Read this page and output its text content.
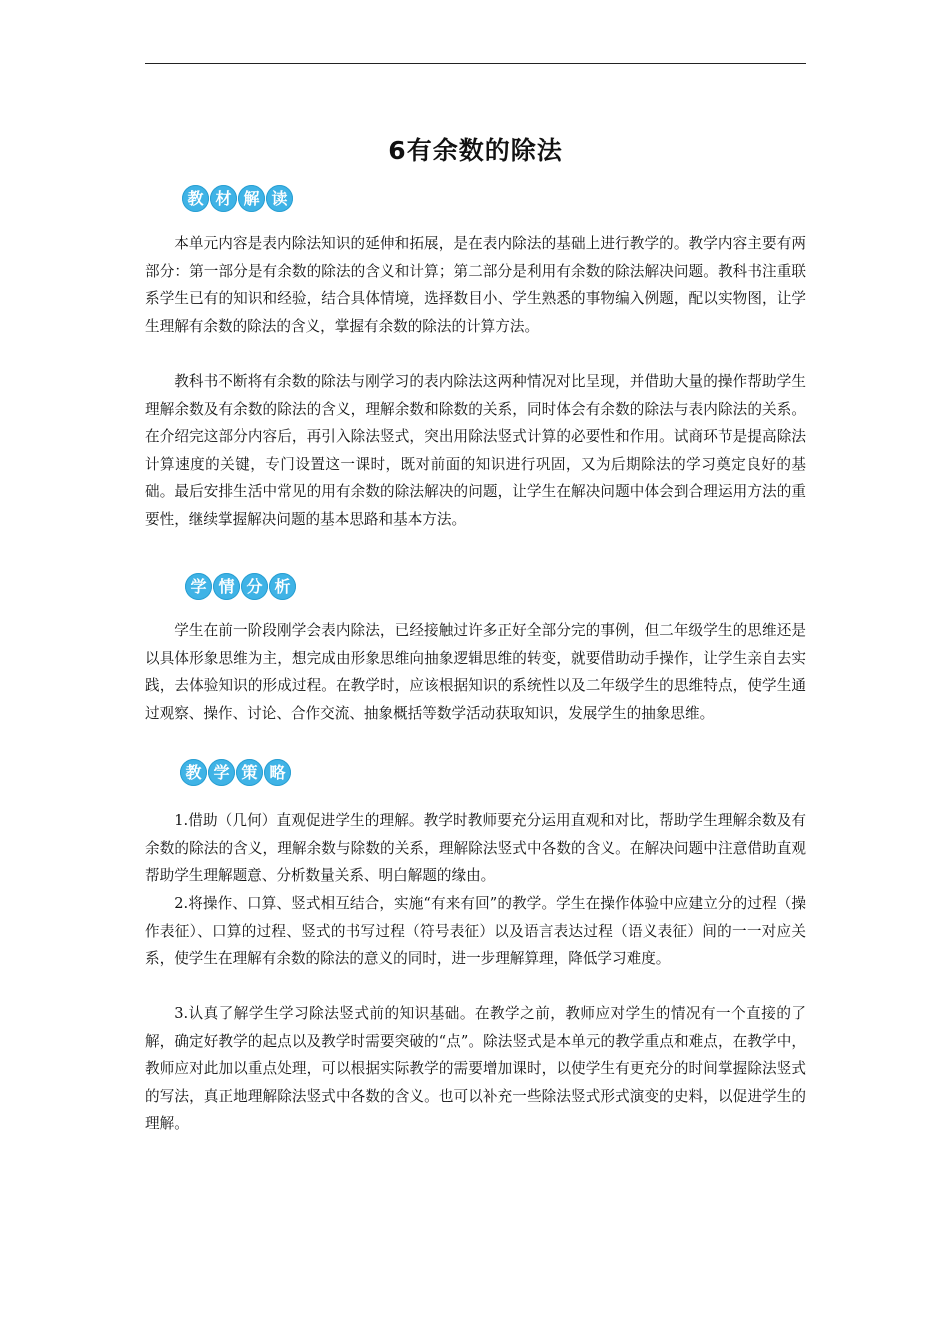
6有余数的除法
教 材 解 读

本单元内容是表内除法知识的延伸和拓展，是在表内除法的基础上进行教学的。教学内容主要有两部分：第一部分是有余数的除法的含义和计算；第二部分是利用有余数的除法解决问题。教科书注重联系学生已有的知识和经验，结合具体情境，选择数目小、学生熟悉的事物编入例题，配以实物图，让学生理解有余数的除法的含义，掌握有余数的除法的计算方法。

教科书不断将有余数的除法与刚学习的表内除法这两种情况对比呈现，并借助大量的操作帮助学生理解余数及有余数的除法的含义，理解余数和除数的关系，同时体会有余数的除法与表内除法的关系。在介绍完这部分内容后，再引入除法竖式，突出用除法竖式计算的必要性和作用。试商环节是提高除法计算速度的关键，专门设置这一课时，既对前面的知识进行巩固，又为后期除法的学习奠定良好的基础。最后安排生活中常见的用有余数的除法解决的问题，让学生在解决问题中体会到合理运用方法的重要性，继续掌握解决问题的基本思路和基本方法。

学 情 分 析

学生在前一阶段刚学会表内除法，已经接触过许多正好全部分完的事例，但二年级学生的思维还是以具体形象思维为主，想完成由形象思维向抽象逻辑思维的转变，就要借助动手操作，让学生亲自去实践，去体验知识的形成过程。在教学时，应该根据知识的系统性以及二年级学生的思维特点，使学生通过观察、操作、讨论、合作交流、抽象概括等数学活动获取知识，发展学生的抽象思维。

教 学 策 略

1.借助（几何）直观促进学生的理解。教学时教师要充分运用直观和对比，帮助学生理解余数及有余数的除法的含义，理解余数与除数的关系，理解除法竖式中各数的含义。在解决问题中注意借助直观帮助学生理解题意、分析数量关系、明白解题的缘由。

2.将操作、口算、竖式相互结合，实施“有来有回”的教学。学生在操作体验中应建立分的过程（操作表征）、口算的过程、竖式的书写过程（符号表征）以及语言表达过程（语义表征）间的一一对应关系，使学生在理解有余数的除法的意义的同时，进一步理解算理，降低学习难度。

3.认真了解学生学习除法竖式前的知识基础。在教学之前，教师应对学生的情况有一个直接的了解，确定好教学的起点以及教学时需要突破的“点”。除法竖式是本单元的教学重点和难点，在教学中，教师应对此加以重点处理，可以根据实际教学的需要增加课时，以使学生有更充分的时间掌握除法竖式的写法，真正地理解除法竖式中各数的含义。也可以补充一些除法竖式形式演变的史料，以促进学生的理解。
